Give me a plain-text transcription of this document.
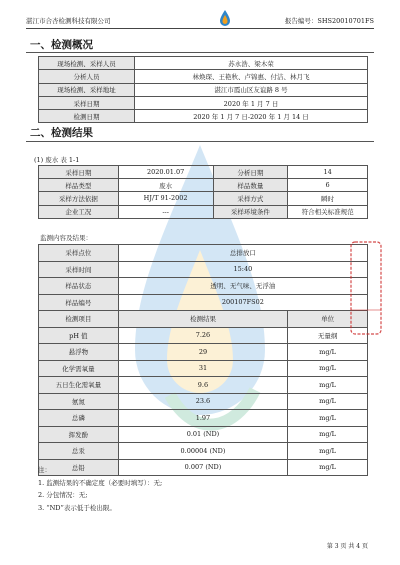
湛江市合杏检测科技有限公司	报告编号：SHS20010701FS
一、检测概况
现场检测、采样人员	苏永浩、梁木荣
分析人员	林焕琛、王艳秋、卢锦惠、付洁、林月飞
现场检测、采样地址	湛江市霞山区友谊路 8 号
采样日期	2020 年 1 月 7 日
检测日期	2020 年 1 月 7 日-2020 年 1 月 14 日
二、检测结果
(1) 废水 表 1-1
采样日期	2020.01.07	分析日期	14
样品类型	废水	样品数量	6
采样方法依据	HJ/T 91-2002	采样方式	瞬时
企业工况	---	采样环境条件	符合相关标准规范
监测内容及结果：
采样点位	总排放口	
采样时间	15:40	
样品状态	透明、无气味、无浮油	
样品编号	200107FS02	
检测项目	检测结果	单位
pH 值	7.26	无量纲
悬浮物	29	mg/L
化学需氧量	31	mg/L
五日生化需氧量	9.6	mg/L
氨氮	23.6	mg/L
总磷	1.97	mg/L
挥发酚	0.01 (ND)	mg/L
总汞	0.00004 (ND)	mg/L
总铅	0.007 (ND)	mg/L
注：
1. 监测结果的不确定度（必要时填写）：无;
2. 分包情况：无;
3. “ND”表示低于检出限。
第 3 页 共 4 页
